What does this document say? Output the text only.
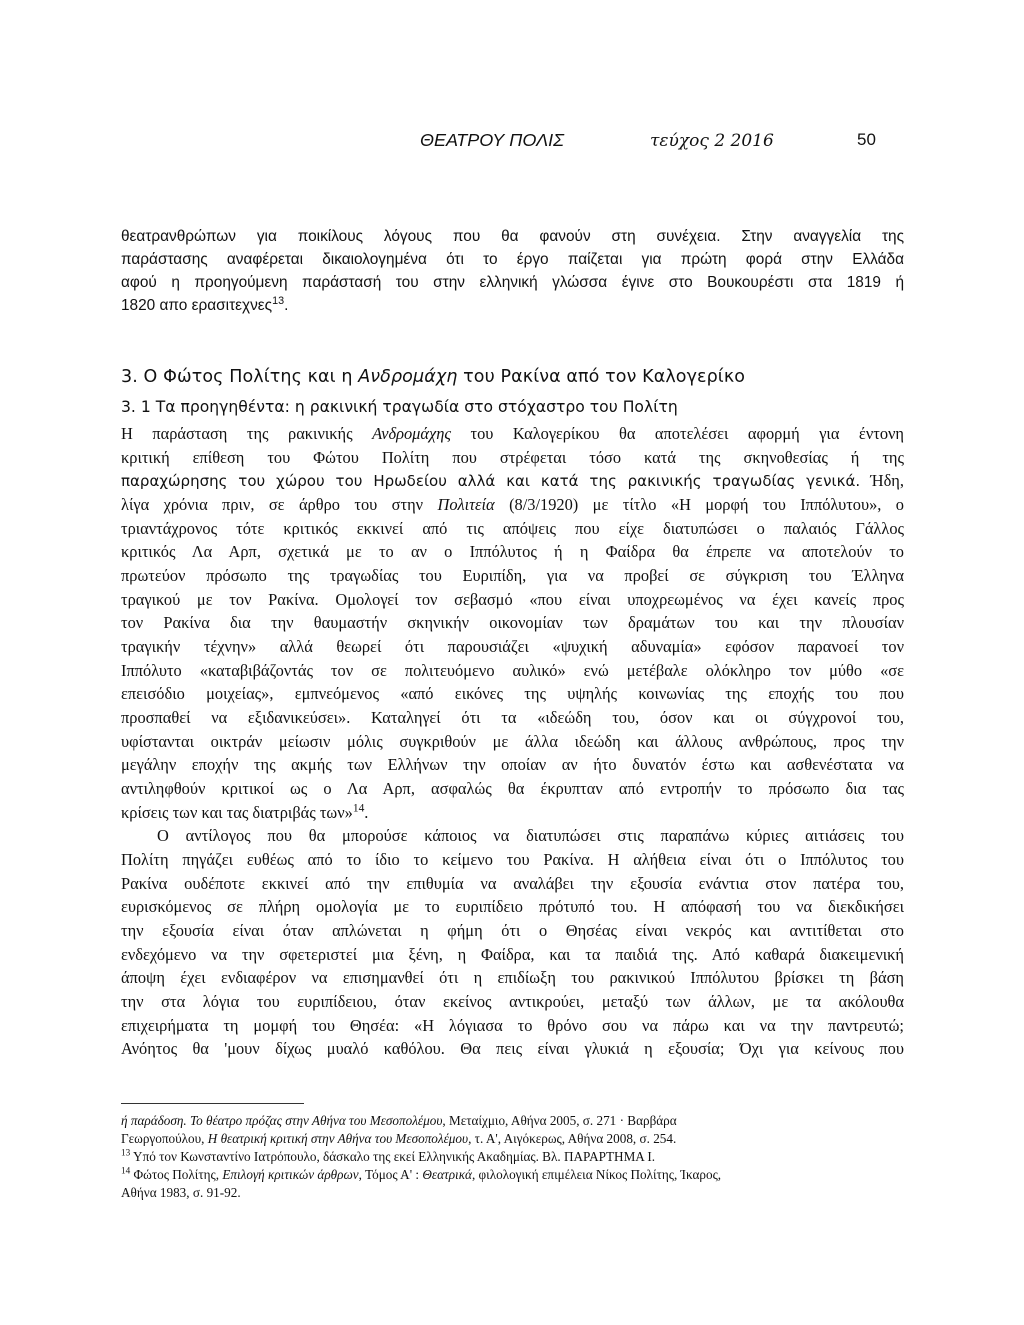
ΘΕΑΤΡΟΥ ΠΟΛΙΣ	τεύχος 2 2016	50
θεατρανθρώπων για ποικίλους λόγους που θα φανούν στη συνέχεια. Στην αναγγελία της
παράστασης αναφέρεται δικαιολογημένα ότι το έργο παίζεται για πρώτη φορά στην Ελλάδα
αφού η προηγούμενη παράστασή του στην ελληνική γλώσσα έγινε στο Βουκουρέστι στα 1819 ή
1820 απο ερασιτεχνες$^{13}$.
3. Ο Φώτος Πολίτης και η Ανδρομάχη του Ρακίνα από τον Καλογερίκο
3. 1 Τα προηγηθέντα: η ρακινική τραγωδία στο στόχαστρο του Πολίτη
Η παράσταση της ρακινικής Ανδρομάχης του Καλογερίκου θα αποτελέσει αφορμή για έντονη
κριτική επίθεση του Φώτου Πολίτη που στρέφεται τόσο κατά της σκηνοθεσίας ή της
παραχώρησης του χώρου του Ηρωδείου αλλά και κατά της ρακινικής τραγωδίας γενικά. Ήδη,
λίγα χρόνια πριν, σε άρθρο του στην Πολιτεία (8/3/1920) με τίτλο «Η μορφή του Ιππόλυτου», ο
τριαντάχρονος τότε κριτικός εκκινεί από τις απόψεις που είχε διατυπώσει ο παλαιός Γάλλος
κριτικός Λα Αρπ, σχετικά με το αν ο Ιππόλυτος ή η Φαίδρα θα έπρεπε να αποτελούν το
πρωτεύον πρόσωπο της τραγωδίας του Ευριπίδη, για να προβεί σε σύγκριση του Έλληνα
τραγικού με τον Ρακίνα. Ομολογεί τον σεβασμό «που είναι υποχρεωμένος να έχει κανείς προς
τον Ρακίνα δια την θαυμαστήν σκηνικήν οικονομίαν των δραμάτων του και την πλουσίαν
τραγικήν τέχνην» αλλά θεωρεί ότι παρουσιάζει «ψυχική αδυναμία» εφόσον παρανοεί τον
Ιππόλυτο «καταβιβάζοντάς τον σε πολιτευόμενο αυλικό» ενώ μετέβαλε ολόκληρο τον μύθο «σε
επεισόδιο μοιχείας», εμπνεόμενος «από εικόνες της υψηλής κοινωνίας της εποχής του που
προσπαθεί να εξιδανικεύσει». Καταληγεί ότι τα «ιδεώδη του, όσον και οι σύγχρονοί του,
υφίστανται οικτράν μείωσιν μόλις συγκριθούν με άλλα ιδεώδη και άλλους ανθρώπους, προς την
μεγάλην εποχήν της ακμής των Ελλήνων την οποίαν αν ήτο δυνατόν έστω και ασθενέστατα να
αντιληφθούν κριτικοί ως ο Λα Αρπ, ασφαλώς θα έκρυπταν από εντροπήν το πρόσωπο δια τας
κρίσεις των και τας διατριβάς των»$^{14}$.
Ο αντίλογος που θα μπορούσε κάποιος να διατυπώσει στις παραπάνω κύριες αιτιάσεις του
Πολίτη πηγάζει ευθέως από το ίδιο το κείμενο του Ρακίνα. Η αλήθεια είναι ότι ο Ιππόλυτος του
Ρακίνα ουδέποτε εκκινεί από την επιθυμία να αναλάβει την εξουσία ενάντια στον πατέρα του,
ευρισκόμενος σε πλήρη ομολογία με το ευριπίδειο πρότυπό του. Η απόφασή του να διεκδικήσει
την εξουσία είναι όταν απλώνεται η φήμη ότι ο Θησέας είναι νεκρός και αντιτίθεται στο
ενδεχόμενο να την σφετεριστεί μια ξένη, η Φαίδρα, και τα παιδιά της. Από καθαρά διακειμενική
άποψη έχει ενδιαφέρον να επισημανθεί ότι η επιδίωξη του ρακινικού Ιππόλυτου βρίσκει τη βάση
την στα λόγια του ευριπίδειου, όταν εκείνος αντικρούει, μεταξύ των άλλων, με τα ακόλουθα
επιχειρήματα τη μομφή του Θησέα: «Η λόγιασα το θρόνο σου να πάρω και να την παντρευτώ;
Ανόητος θα 'μουν δίχως μυαλό καθόλου. Θα πεις είναι γλυκιά η εξουσία; Όχι για κείνους που
ή παράδοση. Το θέατρο πρόζας στην Αθήνα του Μεσοπολέμου, Μεταίχμιο, Αθήνα 2005, σ. 271 · Βαρβάρα
Γεωργοπούλου, Η θεατρική κριτική στην Αθήνα του Μεσοπολέμου, τ. Α', Αιγόκερως, Αθήνα 2008, σ. 254.
$^{13}$ Υπό τον Κωνσταντίνο Ιατρόπουλο, δάσκαλο της εκεί Ελληνικής Ακαδημίας. Βλ. ΠΑΡΑΡΤΗΜΑ Ι.
$^{14}$ Φώτος Πολίτης, Επιλογή κριτικών άρθρων, Τόμος Α' : Θεατρικά, φιλολογική επιμέλεια Νίκος Πολίτης, Ίκαρος,
Αθήνα 1983, σ. 91-92.
